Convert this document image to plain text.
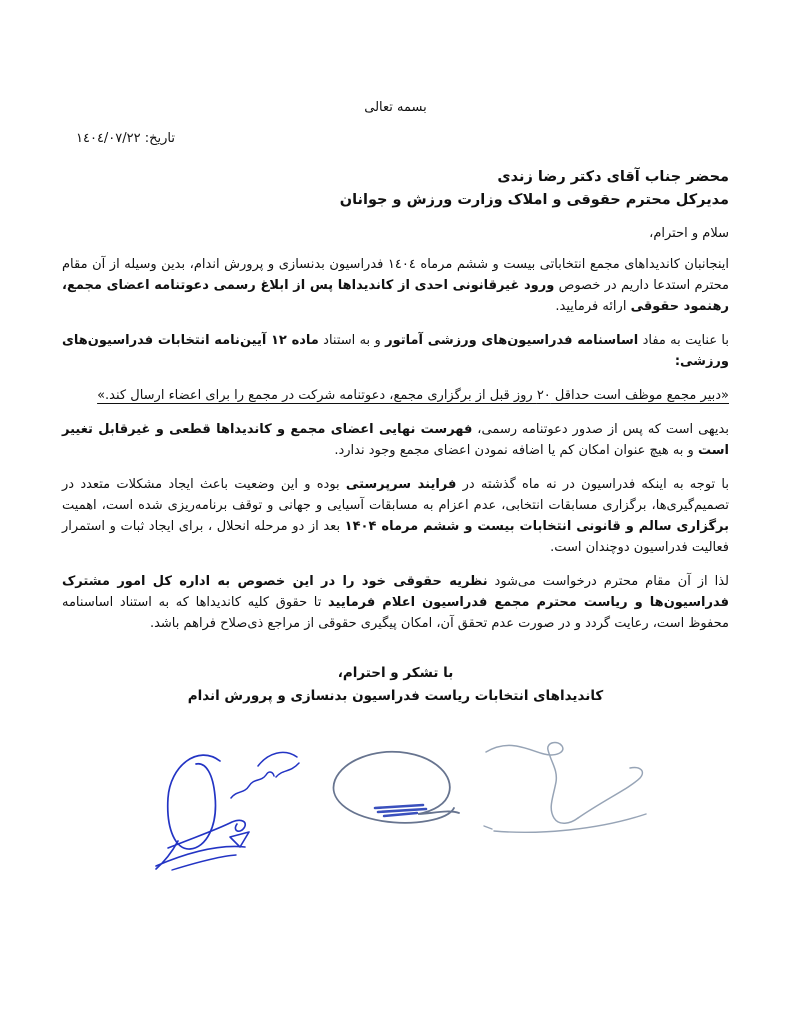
بسمه تعالی
تاریخ: ١٤٠٤/٠٧/٢٢
محضر جناب آقای دکتر رضا زندی
مدیرکل محترم حقوقی و املاک وزارت ورزش و جوانان
سلام و احترام،

اینجانبان کاندیداهای مجمع انتخاباتی بیست و ششم مرماه ١٤٠٤ فدراسیون بدنسازی و پرورش اندام، بدین وسیله از آن مقام محترم استدعا داریم در خصوص ورود غیرقانونی احدی از کاندیداها پس از ابلاغ رسمی دعوتنامه اعضای مجمع، رهنمود حقوقی ارائه فرمایید.

با عنایت به مفاد اساسنامه فدراسیون‌های ورزشی آماتور و به استناد ماده ۱۲ آیین‌نامه انتخابات فدراسیون‌های ورزشی:

«دبیر مجمع موظف است حداقل ۲۰ روز قبل از برگزاری مجمع، دعوتنامه شرکت در مجمع را برای اعضاء ارسال کند.»

بدیهی است که پس از صدور دعوتنامه رسمی، فهرست نهایی اعضای مجمع و کاندیداها قطعی و غیرقابل تغییر است و به هیچ عنوان امکان کم یا اضافه نمودن اعضای مجمع وجود ندارد.

با توجه به اینکه فدراسیون در نه ماه گذشته در فرایند سرپرستی بوده و این وضعیت باعث ایجاد مشکلات متعدد در تصمیم‌گیری‌ها، برگزاری مسابقات انتخابی، عدم اعزام به مسابقات آسیایی و جهانی و توقف برنامه‌ریزی شده است، اهمیت برگزاری سالم و قانونی انتخابات بیست و ششم مرماه ۱۴۰۴ بعد از دو مرحله انحلال ، برای ایجاد ثبات و استمرار فعالیت فدراسیون دوچندان است.

لذا از آن مقام محترم درخواست می‌شود نظریه حقوقی خود را در این خصوص به اداره کل امور مشترک فدراسیون‌ها و ریاست محترم مجمع فدراسیون اعلام فرمایید تا حقوق کلیه کاندیداها که به استناد اساسنامه محفوظ است، رعایت گردد و در صورت عدم تحقق آن، امکان پیگیری حقوقی از مراجع ذی‌صلاح فراهم باشد.

با تشکر و احترام،
کاندیداهای انتخابات ریاست فدراسیون بدنسازی و پرورش اندام
